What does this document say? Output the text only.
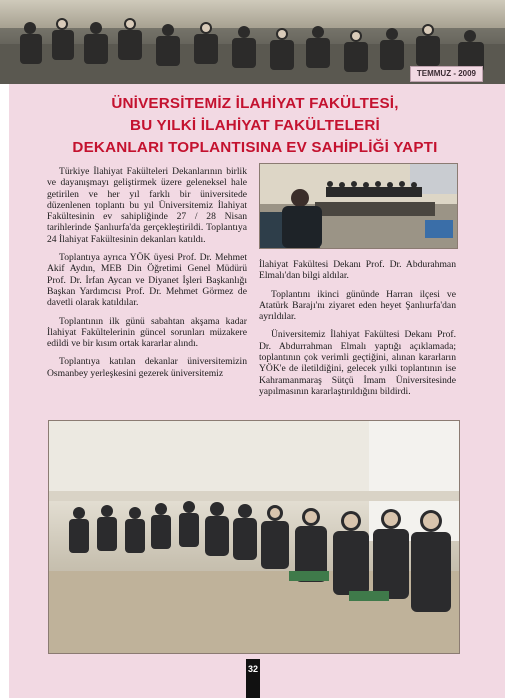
TEMMUZ - 2009
ÜNİVERSİTEMİZ İLAHİYAT FAKÜLTESİ,
BU YILKİ İLAHİYAT FAKÜLTELERİ
DEKANLARI TOPLANTISINA EV SAHİPLİĞİ YAPTI

Türkiye İlahiyat Fakülteleri Dekanlarının birlik ve dayanışmayı geliştirmek üzere geleneksel hale getirilen ve her yıl farklı bir üniversitede düzenlenen toplantı bu yıl Üniversitemiz İlahiyat Fakültesinin ev sahipliğinde 27 / 28 Nisan tarihlerinde Şanlıurfa'da gerçekleştirildi. Toplantıya 24 İlahiyat Fakültesinin dekanları katıldı.

Toplantıya ayrıca YÖK üyesi Prof. Dr. Mehmet Akif Aydın, MEB Din Öğretimi Genel Müdürü Prof. Dr. İrfan Aycan ve Diyanet İşleri Başkanlığı Başkan Yardımcısı Prof. Dr. Mehmet Görmez de davetli olarak katıldılar.

Toplantının ilk günü sabahtan akşama kadar İlahiyat Fakültelerinin güncel sorunları müzakere edildi ve bir kısım ortak kararlar alındı.

Toplantıya katılan dekanlar üniversitemizin Osmanbey yerleşkesini gezerek üniversitemiz

İlahiyat Fakültesi Dekanı Prof. Dr. Abdurahman Elmalı'dan bilgi aldılar.

Toplantını ikinci gününde Harran ilçesi ve Atatürk Barajı'nı ziyaret eden heyet Şanlıurfa'dan ayrıldılar.

Üniversitemiz İlahiyat Fakültesi Dekanı Prof. Dr. Abdurrahman Elmalı yaptığı açıklamada; toplantının çok verimli geçtiğini, alınan kararların YÖK'e de iletildiğini, gelecek yılki toplantının ise Kahramanmaraş Sütçü İmam Üniversitesinde yapılmasının kararlaştırıldığını bildirdi.

32
